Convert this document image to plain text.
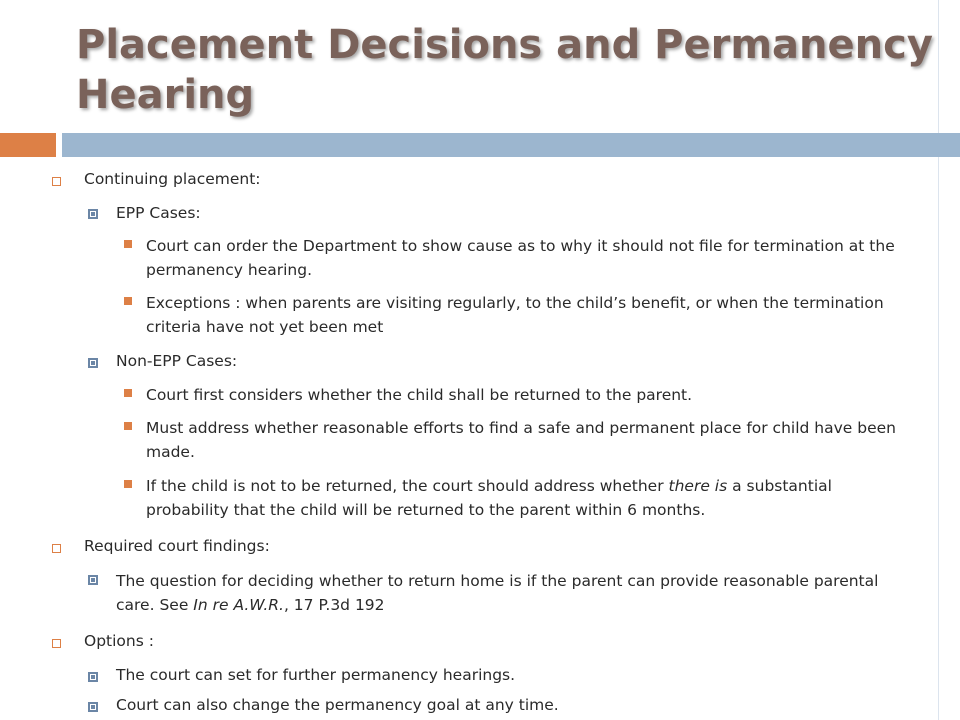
Placement Decisions and Permanency Hearing
Continuing placement:
EPP Cases:
Court can order the Department to show cause as to why it should not file for termination at the permanency hearing.
Exceptions : when parents are visiting regularly, to the child’s benefit, or when the termination criteria have not yet been met
Non-EPP Cases:
Court first considers whether the child shall be returned to the parent.
Must address whether reasonable efforts to find a safe and permanent place for child have been made.
If the child is not to be returned, the court should address whether there is a substantial probability that the child will be returned to the parent within 6 months.
Required court findings:
The question for deciding whether to return home is if the parent can provide reasonable parental care. See In re A.W.R., 17 P.3d 192
Options :
The court can set for further permanency hearings.
Court can also change the permanency goal at any time.
